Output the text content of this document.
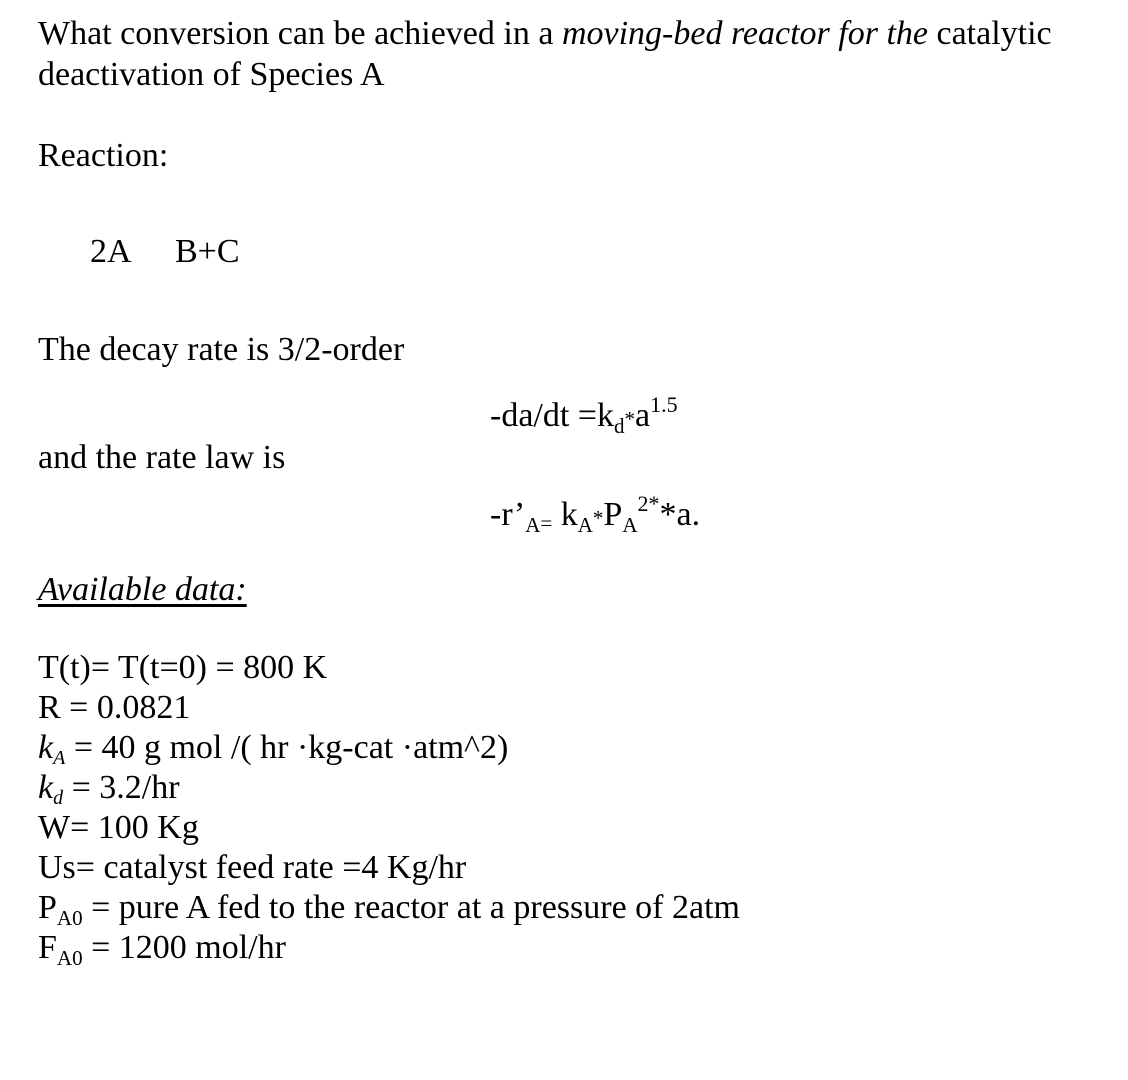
What conversion can be achieved in a moving-bed reactor for the catalytic
deactivation of Species A
Reaction:
2A B+C
The decay rate is 3/2-order
$-da/dt =k_d*a^{1.5}$
and the rate law is
$-r’_A= k_A*P_A^{2*}*a$.
Available data:
T(t)= T(t=0) = 800 K
R = 0.0821
kA = 40 g mol /( hr ·kg-cat ·atm^2)
kd = 3.2/hr
W= 100 Kg
Us= catalyst feed rate =4 Kg/hr
$P_{A0}$ = pure A fed to the reactor at a pressure of 2atm
$F_{A0} = 1200$ mol/hr
